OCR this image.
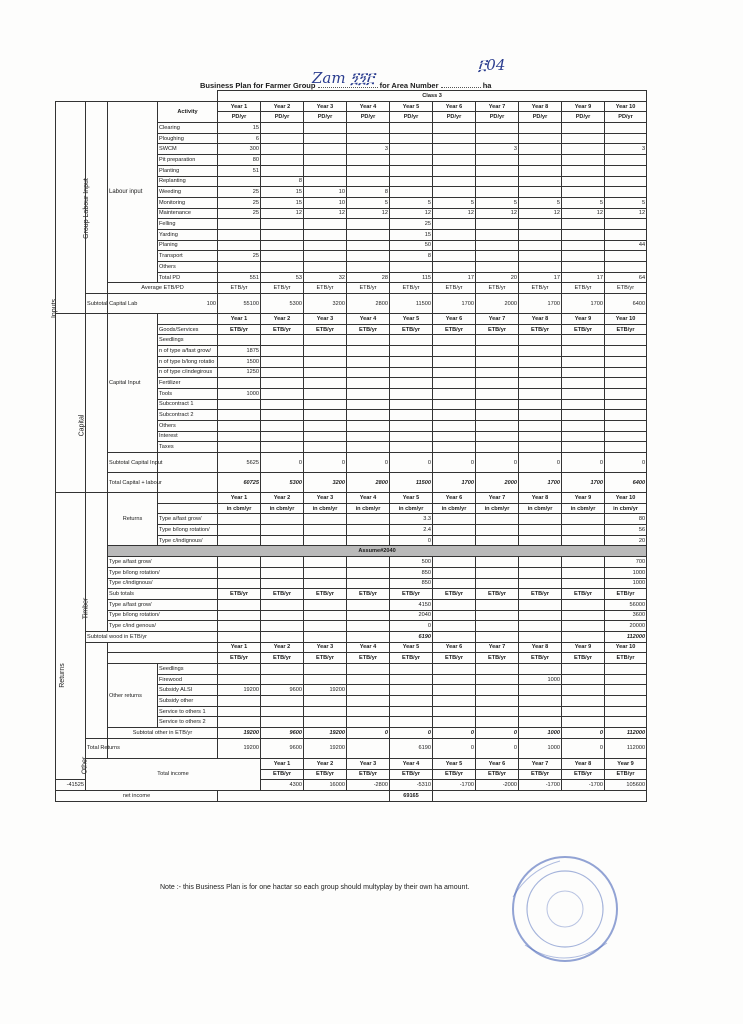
Zam ፺፺፫
፫04
Business Plan for Farmer Group	for Area Number	ha
Inputs
Returns
Group Labour Input
Capital
Timber
Other
				Class 3										
		Labour input	Activity	Year 1	Year 2	Year 3	Year 4	Year 5	Year 6	Year 7	Year 8	Year 9	Year 10	
				PD/yr	PD/yr	PD/yr	PD/yr	PD/yr	PD/yr	PD/yr	PD/yr	PD/yr	PD/yr	
			Clearing	15										
			Ploughing	6										
			SWCM	300			3			3			3	
			Pit preparation	80										
			Planting	51										
			Replanting		8									
			Weeding	25	15	10	8							
			Monitoring	25	15	10	5	5	5	5	5	5	5	
			Maintenance	25	12	12	12	12	12	12	12	12	12	
			Felling					25						
			Yarding					15						
			Planing					50					44	
			Transport	25				8						
			Others											
			Total PD	551	53	32	28	115	17	20	17	17	64	
		Average ETB/PD		ETB/yr	ETB/yr	ETB/yr	ETB/yr	ETB/yr	ETB/yr	ETB/yr	ETB/yr	ETB/yr	ETB/yr	
	Subtotal Capital Lab	100		55100	5300	3200	2800	11500	1700	2000	1700	1700	6400	
		Capital Input		Year 1	Year 2	Year 3	Year 4	Year 5	Year 6	Year 7	Year 8	Year 9	Year 10	
			Goods/Services	ETB/yr	ETB/yr	ETB/yr	ETB/yr	ETB/yr	ETB/yr	ETB/yr	ETB/yr	ETB/yr	ETB/yr	
			Seedlings											
			n of type a/fast grow/	1875										
			n of type b/long rotatio	1500										
			n of type c/indegirous	1250										
			Fertilizer											
			Tools	1000										
			Subcontract 1											
			Subcontract 2											
			Others											
			Interest											
			Taxes											
		Subtotal Capital Input		5625	0	0	0	0	0	0	0	0	0	
		Total Capital + labour		60725	5300	3200	2800	11500	1700	2000	1700	1700	6400	
		Returns		Year 1	Year 2	Year 3	Year 4	Year 5	Year 6	Year 7	Year 8	Year 9	Year 10	
				in cbm/yr	in cbm/yr	in cbm/yr	in cbm/yr	in cbm/yr	in cbm/yr	in cbm/yr	in cbm/yr	in cbm/yr	in cbm/yr	
			Type a/fast grow/					3.3					80	
			Type b/long rotation/					2.4					56	
			Type c/indignous/					0					20	
		Assume#2040												
		Type a/fast grow/						500					700	
		Type b/long rotation/						850					1000	
		Type c/indignous/						850					1000	
		Sub totals		ETB/yr	ETB/yr	ETB/yr	ETB/yr	ETB/yr	ETB/yr	ETB/yr	ETB/yr	ETB/yr	ETB/yr	
		Type a/fast grow/						4150					56000	
		Type b/long rotation/						2040					3600	
		Type c/ind genous/						0					20000	
	Subtotal wood in ETB/yr							6190					112000	
				Year 1	Year 2	Year 3	Year 4	Year 5	Year 6	Year 7	Year 8	Year 9	Year 10	
				ETB/yr	ETB/yr	ETB/yr	ETB/yr	ETB/yr	ETB/yr	ETB/yr	ETB/yr	ETB/yr	ETB/yr	
		Other returns	Seedlings											
			Firewood								1000			
			Subsidy ALSI	19200	9600	19200								
			Subsidy other											
			Service to others 1											
			Service to others 2											
		Subtotal other in ETB/yr		19200	9600	19200	0	0	0	0	1000	0	112000	
	Total Returns			19200	9600	19200		6190	0	0	1000	0	112000	
	Total income				Year 1	Year 2	Year 3	Year 4	Year 5	Year 6	Year 7	Year 8	Year 9	
					ETB/yr	ETB/yr	ETB/yr	ETB/yr	ETB/yr	ETB/yr	ETB/yr	ETB/yr	ETB/yr	
-41525					4300	16000	-2800	-5310	-1700	-2000	-1700	-1700	105600	
net income								69165						
Note :- this Business Plan is for one hactar so each group should multyplay by their own ha amount.
